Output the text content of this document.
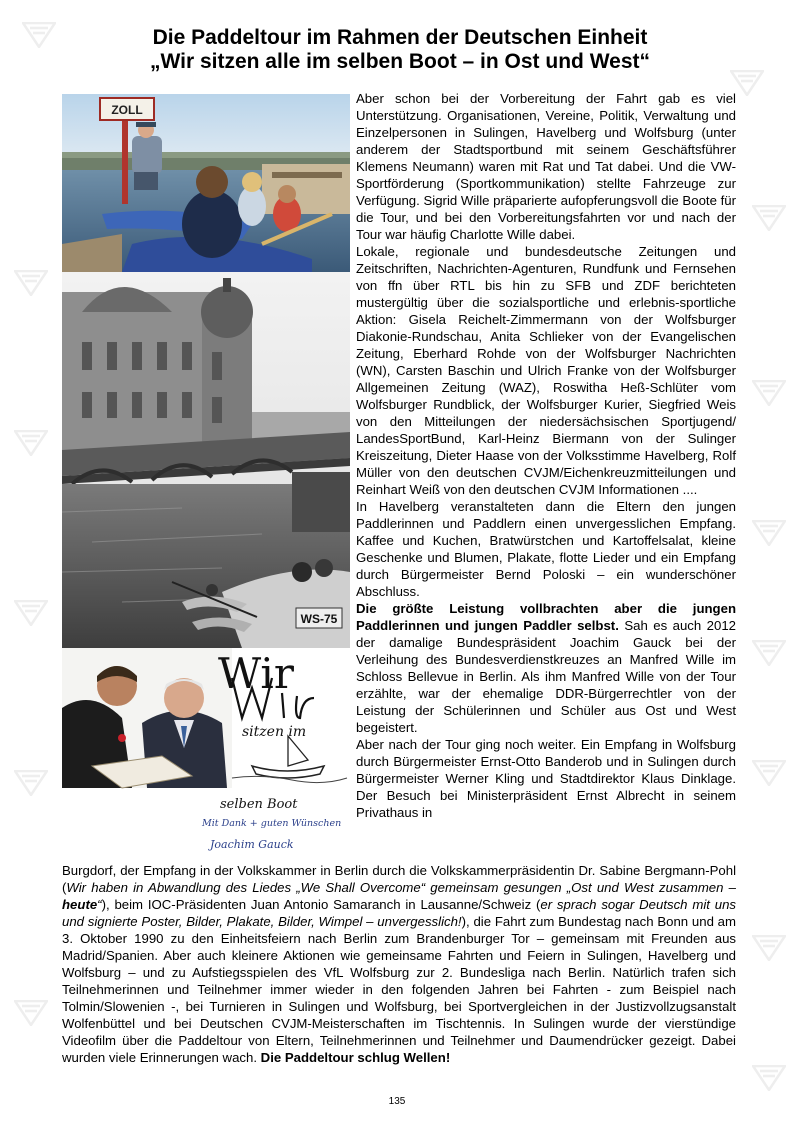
Die Paddeltour im Rahmen der Deutschen Einheit
„Wir sitzen alle im selben Boot – in Ost und West“
ZOLL
WS-75
sitzen im
selben Boot
Mit Dank + guten Wünschen
Joachim Gauck
Wir

Aber schon bei der Vorbereitung der Fahrt gab es viel Unterstützung. Organisationen, Vereine, Politik, Verwaltung und Einzelpersonen in Sulingen, Havelberg und Wolfsburg (unter anderem der Stadtsportbund mit seinem Geschäftsführer Klemens Neumann) waren mit Rat und Tat dabei. Und die VW-Sportförderung (Sportkommunikation) stellte Fahrzeuge zur Verfügung. Sigrid Wille präparierte aufopferungsvoll die Boote für die Tour, und bei den Vorbereitungsfahrten vor und nach der Tour war häufig Charlotte Wille dabei.

Lokale, regionale und bundesdeutsche Zeitungen und Zeitschriften, Nachrichten-Agenturen, Rundfunk und Fernsehen von ffn über RTL bis hin zu SFB und ZDF berichteten mustergültig über die sozialsportliche und erlebnis-sportliche Aktion: Gisela Reichelt-Zimmermann von der Wolfsburger Diakonie-Rundschau, Anita Schlieker von der Evangelischen Zeitung, Eberhard Rohde von der Wolfsburger Nachrichten (WN), Carsten Baschin und Ulrich Franke von der Wolfsburger Allgemeinen Zeitung (WAZ), Roswitha Heß-Schlüter vom Wolfsburger Rundblick, der Wolfsburger Kurier, Siegfried Weis von den Mitteilungen der niedersächsischen Sportjugend/ LandesSportBund, Karl-Heinz Biermann von der Sulinger Kreiszeitung, Dieter Haase von der Volksstimme Havelberg, Rolf Müller von den deutschen CVJM/Eichenkreuzmitteilungen und Reinhart Weiß von den deutschen CVJM Informationen ....

In Havelberg veranstalteten dann die Eltern den jungen Paddlerinnen und Paddlern einen unvergesslichen Empfang. Kaffee und Kuchen, Bratwürstchen und Kartoffelsalat, kleine Geschenke und Blumen, Plakate, flotte Lieder und ein Empfang durch Bürgermeister Bernd Poloski – ein wunderschöner Abschluss.

Die größte Leistung vollbrachten aber die jungen Paddlerinnen und jungen Paddler selbst. Sah es auch 2012 der damalige Bundespräsident Joachim Gauck bei der Verleihung des Bundesverdienstkreuzes an Manfred Wille im Schloss Bellevue in Berlin. Als ihm Manfred Wille von der Tour erzählte, war der ehemalige DDR-Bürgerrechtler von der Leistung der Schülerinnen und Schüler aus Ost und West begeistert.

Aber nach der Tour ging noch weiter. Ein Empfang in Wolfsburg durch Bürgermeister Ernst-Otto Banderob und in Sulingen durch Bürgermeister Werner Kling und Stadtdirektor Klaus Dinklage. Der Besuch bei Ministerpräsident Ernst Albrecht in seinem Privathaus in

Burgdorf, der Empfang in der Volkskammer in Berlin durch die Volkskammerpräsidentin Dr. Sabine Bergmann-Pohl (Wir haben in Abwandlung des Liedes „We Shall Overcome“ gemeinsam gesungen „Ost und West zusammen – heute“), beim IOC-Präsidenten Juan Antonio Samaranch in Lausanne/Schweiz (er sprach sogar Deutsch mit uns und signierte Poster, Bilder, Plakate, Bilder, Wimpel – unvergesslich!), die Fahrt zum Bundestag nach Bonn und am 3. Oktober 1990 zu den Einheitsfeiern nach Berlin zum Brandenburger Tor – gemeinsam mit Freunden aus Madrid/Spanien. Aber auch kleinere Aktionen wie gemeinsame Fahrten und Feiern in Sulingen, Havelberg und Wolfsburg – und zu Aufstiegsspielen des VfL Wolfsburg zur 2. Bundesliga nach Berlin. Natürlich trafen sich Teilnehmerinnen und Teilnehmer immer wieder in den folgenden Jahren bei Fahrten - zum Beispiel nach Tolmin/Slowenien -, bei Turnieren in Sulingen und Wolfsburg, bei Sportvergleichen in der Justizvollzugsanstalt Wolfenbüttel und bei Deutschen CVJM-Meisterschaften im Tischtennis. In Sulingen wurde der vierstündige Videofilm über die Paddeltour von Eltern, Teilnehmerinnen und Teilnehmer und Daumendrücker gezeigt. Dabei wurden viele Erinnerungen wach. Die Paddeltour schlug Wellen!

135
